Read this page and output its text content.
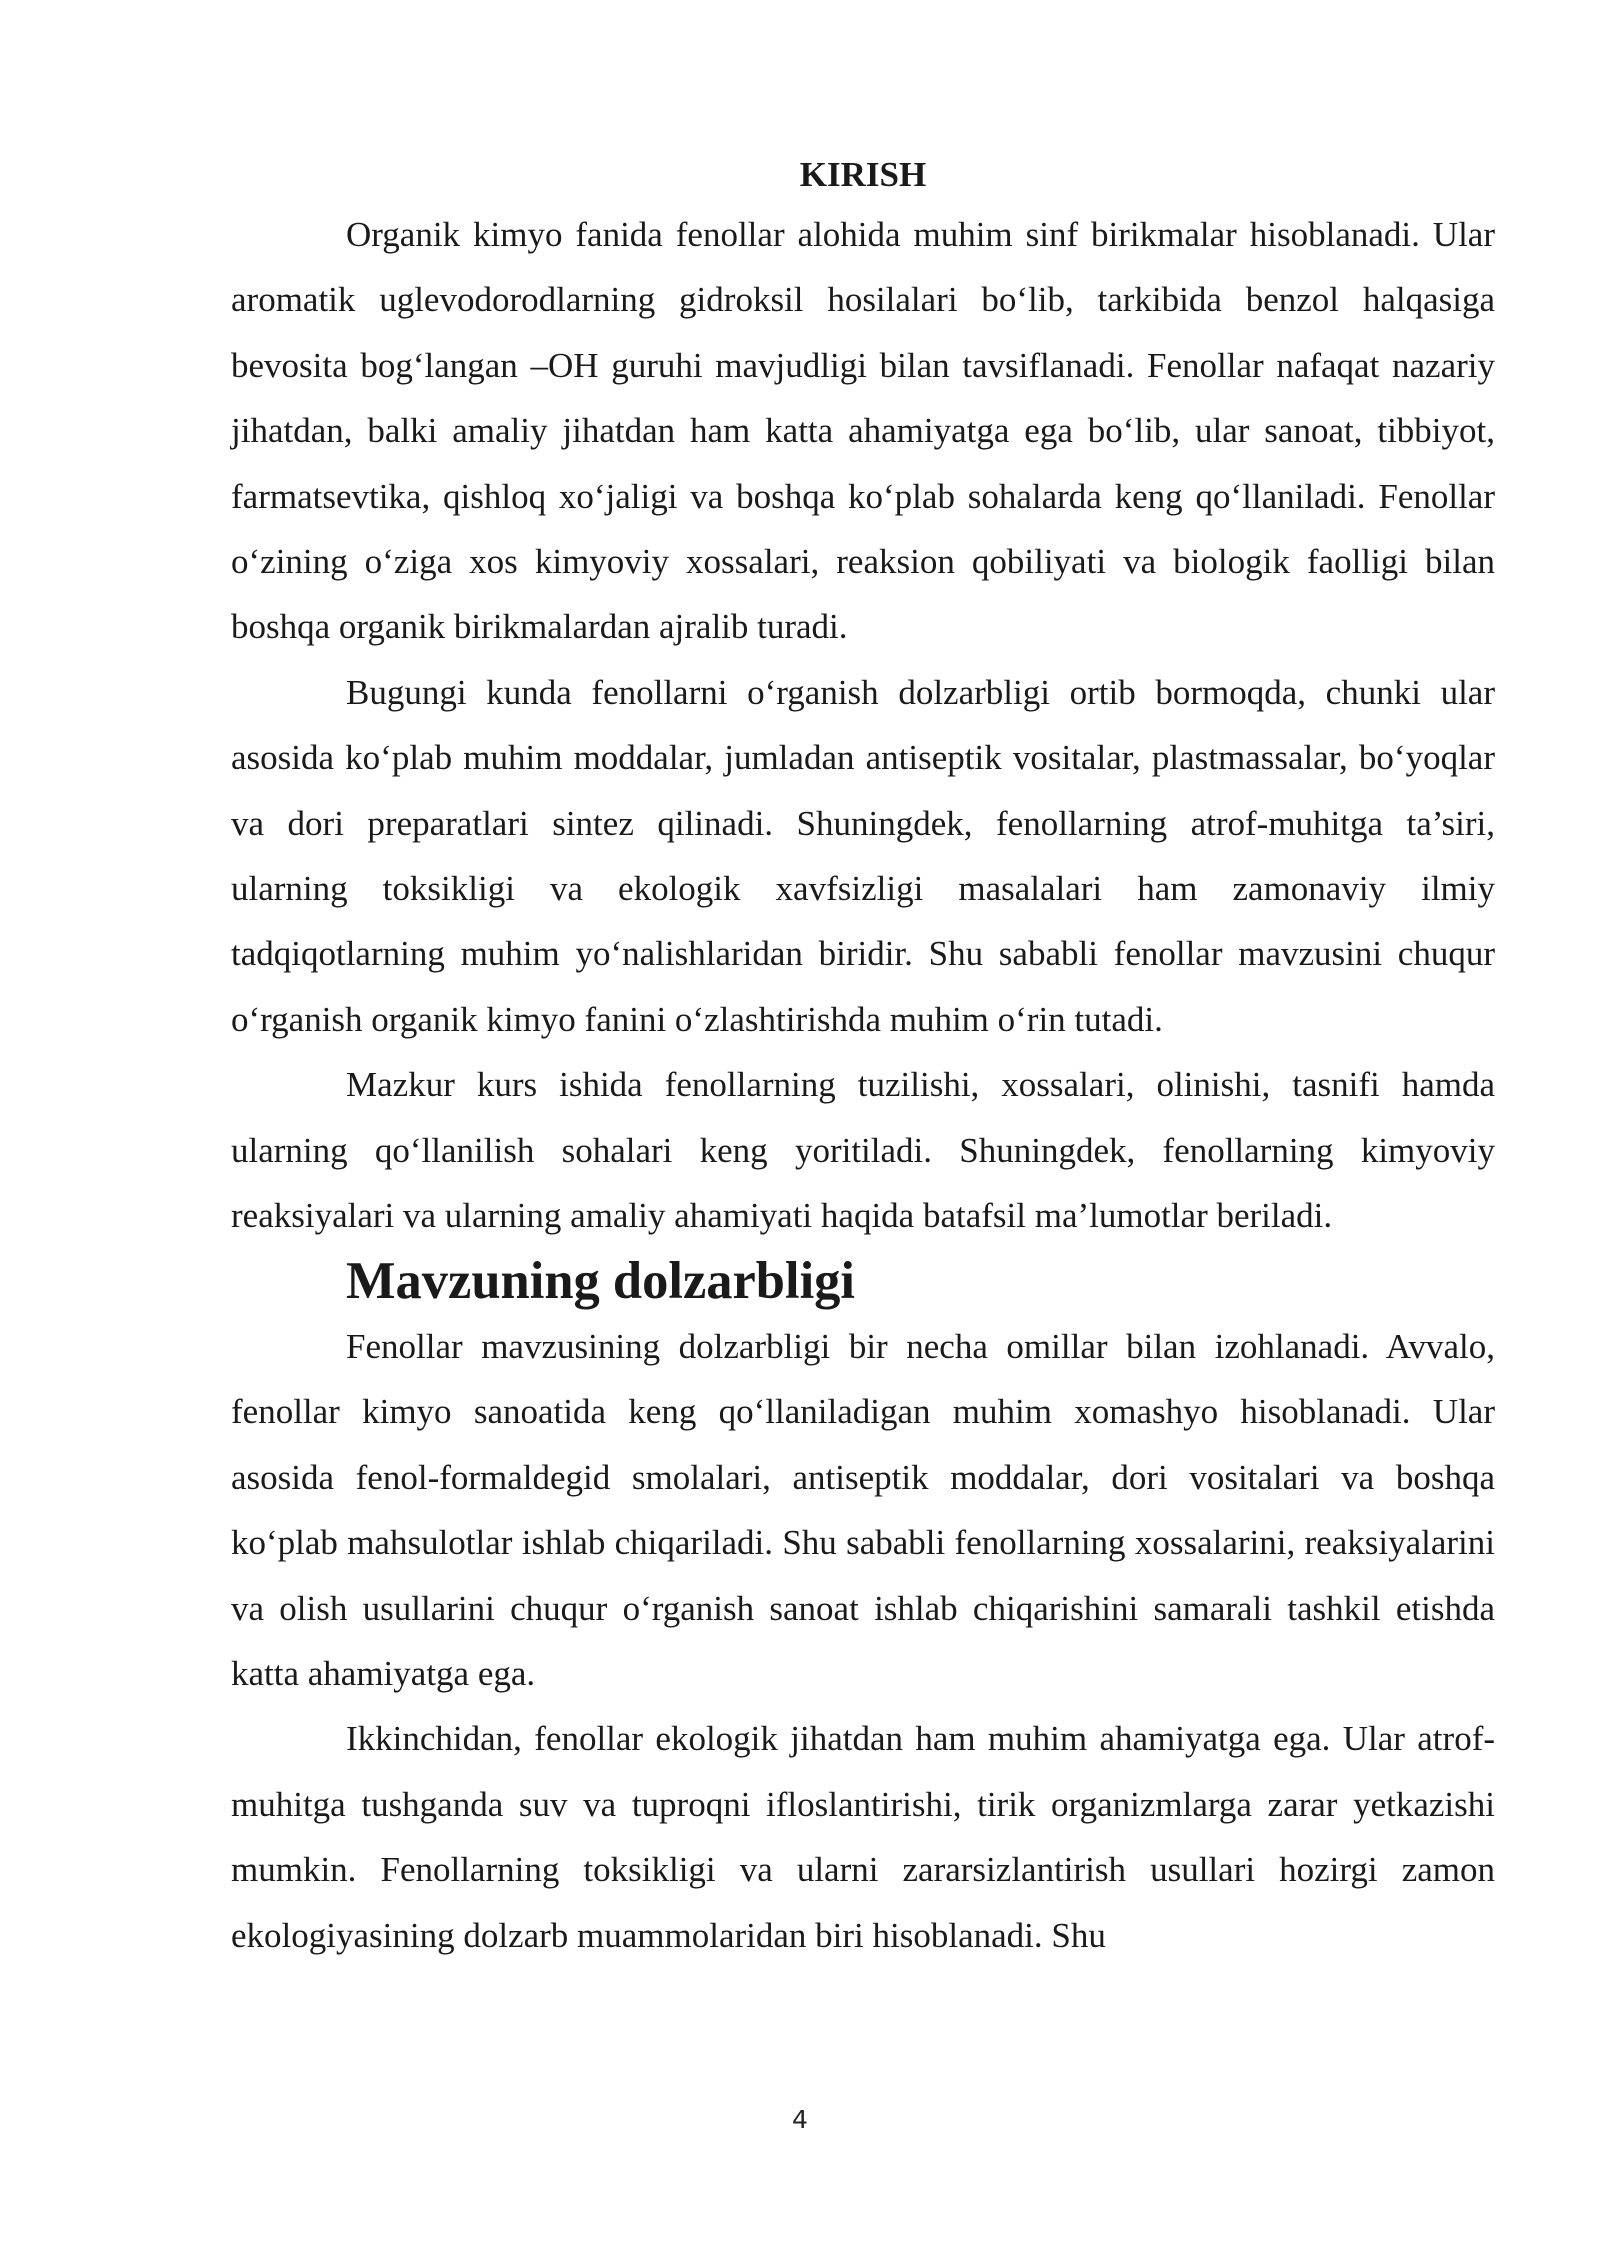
KIRISH

Organik kimyo fanida fenollar alohida muhim sinf birikmalar hisoblanadi. Ular aromatik uglevodorodlarning gidroksil hosilalari bo‘lib, tarkibida benzol halqasiga bevosita bog‘langan –OH guruhi mavjudligi bilan tavsiflanadi. Fenollar nafaqat nazariy jihatdan, balki amaliy jihatdan ham katta ahamiyatga ega bo‘lib, ular sanoat, tibbiyot, farmatsevtika, qishloq xo‘jaligi va boshqa ko‘plab sohalarda keng qo‘llaniladi. Fenollar o‘zining o‘ziga xos kimyoviy xossalari, reaksion qobiliyati va biologik faolligi bilan boshqa organik birikmalardan ajralib turadi.

Bugungi kunda fenollarni o‘rganish dolzarbligi ortib bormoqda, chunki ular asosida ko‘plab muhim moddalar, jumladan antiseptik vositalar, plastmassalar, bo‘yoqlar va dori preparatlari sintez qilinadi. Shuningdek, fenollarning atrof-muhitga ta’siri, ularning toksikligi va ekologik xavfsizligi masalalari ham zamonaviy ilmiy tadqiqotlarning muhim yo‘nalishlaridan biridir. Shu sababli fenollar mavzusini chuqur o‘rganish organik kimyo fanini o‘zlashtirishda muhim o‘rin tutadi.

Mazkur kurs ishida fenollarning tuzilishi, xossalari, olinishi, tasnifi hamda ularning qo‘llanilish sohalari keng yoritiladi. Shuningdek, fenollarning kimyoviy reaksiyalari va ularning amaliy ahamiyati haqida batafsil ma’lumotlar beriladi.

Mavzuning dolzarbligi

Fenollar mavzusining dolzarbligi bir necha omillar bilan izohlanadi. Avvalo, fenollar kimyo sanoatida keng qo‘llaniladigan muhim xomashyo hisoblanadi. Ular asosida fenol-formaldegid smolalari, antiseptik moddalar, dori vositalari va boshqa ko‘plab mahsulotlar ishlab chiqariladi. Shu sababli fenollarning xossalarini, reaksiyalarini va olish usullarini chuqur o‘rganish sanoat ishlab chiqarishini samarali tashkil etishda katta ahamiyatga ega.

Ikkinchidan, fenollar ekologik jihatdan ham muhim ahamiyatga ega. Ular atrof-muhitga tushganda suv va tuproqni ifloslantirishi, tirik organizmlarga zarar yetkazishi mumkin. Fenollarning toksikligi va ularni zararsizlantirish usullari hozirgi zamon ekologiyasining dolzarb muammolaridan biri hisoblanadi. Shu

4
